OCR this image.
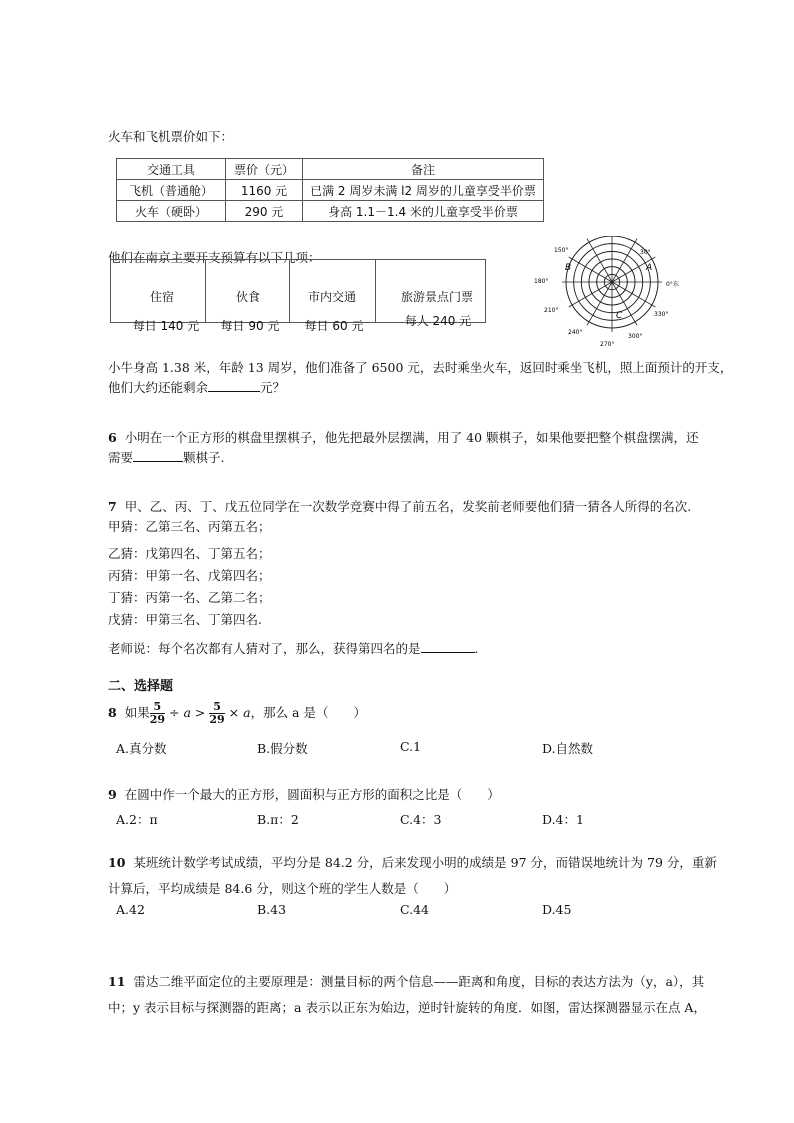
火车和飞机票价如下：
交通工具	票价（元）	备注
飞机（普通舱）	1160 元	已满 2 周岁未满 l2 周岁的儿童享受半价票
火车（硬卧）	290 元	身高 1.1－1.4 米的儿童享受半价票
他们在南京主要开支预算有以下几项：
住宿	伙食	市内交通	旅游景点门票
每日 140 元	每日 90 元	每日 60 元	每人 240 元
150°	30°
180°	0°东
210°
330°
240°
300°
270°
A
B
C
小牛身高 1.38 米，年龄 13 周岁，他们准备了 6500 元，去时乘坐火车，返回时乘坐飞机，照上面预计的开支，
他们大约还能剩余	元？
6 小明在一个正方形的棋盘里摆棋子，他先把最外层摆满，用了 40 颗棋子，如果他要把整个棋盘摆满，还
需要	颗棋子.
7 甲、乙、丙、丁、戊五位同学在一次数学竞赛中得了前五名，发奖前老师要他们猜一猜各人所得的名次.
甲猜：乙第三名、丙第五名；
乙猜：戊第四名、丁第五名；
丙猜：甲第一名、戊第四名；
丁猜：丙第一名、乙第二名；
戊猜：甲第三名、丁第四名.
老师说：每个名次都有人猜对了，那么，获得第四名的是	.
二、选择题
8 如果 $\frac{5}{29} \div a > \frac{5}{29} \times a$，那么 a 是（　　）
A.真分数	B.假分数	C.1	D.自然数
9 在圆中作一个最大的正方形，圆面积与正方形的面积之比是（　　）
A.2：π	B.π：2	C.4：3	D.4：1
10 某班统计数学考试成绩，平均分是 84.2 分，后来发现小明的成绩是 97 分，而错误地统计为 79 分，重新
计算后，平均成绩是 84.6 分，则这个班的学生人数是（　　）
A.42	B.43	C.44	D.45
11 雷达二维平面定位的主要原理是：测量目标的两个信息——距离和角度，目标的表达方法为（y，a），其
中；y 表示目标与探测器的距离；a 表示以正东为始边，逆时针旋转的角度．如图，雷达探测器显示在点 A，
